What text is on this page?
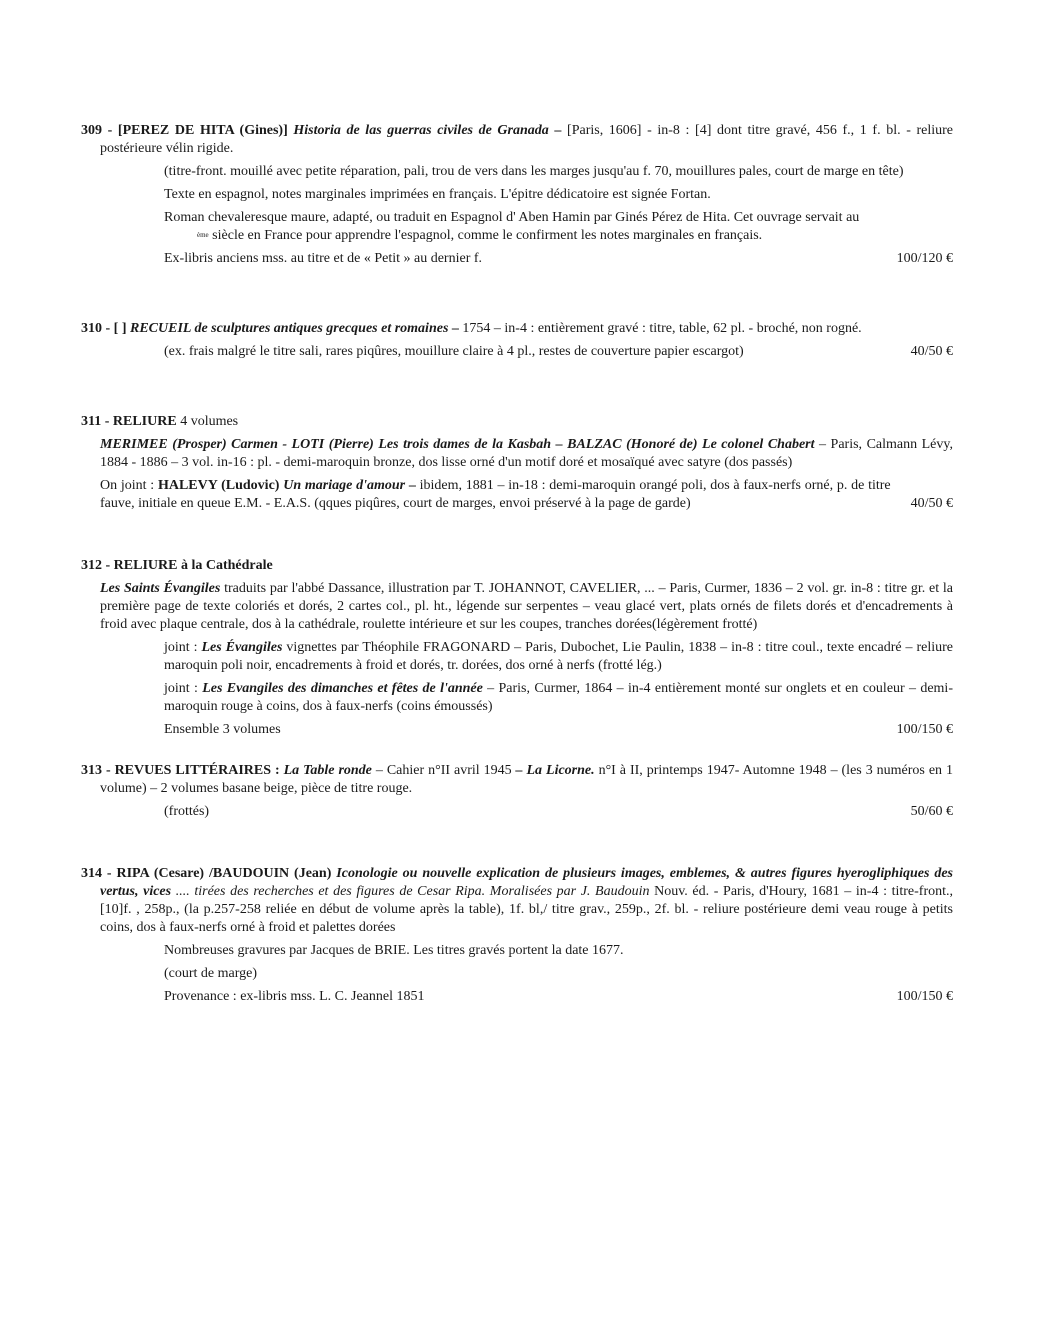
309 - [PEREZ DE HITA (Gines)] Historia de las guerras civiles de Granada – [Paris, 1606] - in-8 : [4] dont titre gravé, 456 f., 1 f. bl. - reliure postérieure vélin rigide.

(titre-front. mouillé avec petite réparation, pali, trou de vers dans les marges jusqu'au f. 70, mouillures pales, court de marge en tête)

Texte en espagnol, notes marginales imprimées en français. L'épitre dédicatoire est signée Fortan.

Roman chevaleresque maure, adapté, ou traduit en Espagnol d' Aben Hamin par Ginés Pérez de Hita. Cet ouvrage servait au
$^{ème}$ siècle en France pour apprendre l'espagnol, comme le confirment les notes marginales en français.

Ex-libris anciens mss. au titre et de « Petit » au dernier f.	100/120 €

310 - [ ] RECUEIL de sculptures antiques grecques et romaines – 1754 – in-4 : entièrement gravé : titre, table, 62 pl. - broché, non rogné.

(ex. frais malgré le titre sali, rares piqûres, mouillure claire à 4 pl., restes de couverture papier escargot)	40/50 €

311 - RELIURE 4 volumes

MERIMEE (Prosper) Carmen - LOTI (Pierre) Les trois dames de la Kasbah – BALZAC (Honoré de) Le colonel Chabert – Paris, Calmann Lévy, 1884 - 1886 – 3 vol. in-16 : pl. - demi-maroquin bronze, dos lisse orné d'un motif doré et mosaïqué avec satyre (dos passés)

On joint : HALEVY (Ludovic) Un mariage d'amour – ibidem, 1881 – in-18 : demi-maroquin orangé poli, dos à faux-nerfs orné, p. de titre fauve, initiale en queue E.M. - E.A.S. (qques piqûres, court de marges, envoi préservé à la page de garde)	40/50 €

312 - RELIURE à la Cathédrale

Les Saints Évangiles traduits par l'abbé Dassance, illustration par T. JOHANNOT, CAVELIER, ... – Paris, Curmer, 1836 – 2 vol. gr. in-8 : titre gr. et la première page de texte coloriés et dorés, 2 cartes col., pl. ht., légende sur serpentes – veau glacé vert, plats ornés de filets dorés et d'encadrements à froid avec plaque centrale, dos à la cathédrale, roulette intérieure et sur les coupes, tranches dorées(légèrement frotté)

joint : Les Évangiles vignettes par Théophile FRAGONARD – Paris, Dubochet, Lie Paulin, 1838 – in-8 : titre coul., texte encadré – reliure maroquin poli noir, encadrements à froid et dorés, tr. dorées, dos orné à nerfs (frotté lég.)

joint : Les Evangiles des dimanches et fêtes de l'année – Paris, Curmer, 1864 – in-4 entièrement monté sur onglets et en couleur – demi-maroquin rouge à coins, dos à faux-nerfs (coins émoussés)

Ensemble 3 volumes	100/150 €

313 - REVUES LITTÉRAIRES : La Table ronde – Cahier n°II avril 1945 – La Licorne. n°I à II, printemps 1947- Automne 1948 – (les 3 numéros en 1 volume) – 2 volumes basane beige, pièce de titre rouge.

(frottés)	50/60 €

314 - RIPA (Cesare) /BAUDOUIN (Jean) Iconologie ou nouvelle explication de plusieurs images, emblemes, & autres figures hyerogliphiques des vertus, vices .... tirées des recherches et des figures de Cesar Ripa. Moralisées par J. Baudouin Nouv. éd. - Paris, d'Houry, 1681 – in-4 : titre-front., [10]f. , 258p., (la p.257-258 reliée en début de volume après la table), 1f. bl,/ titre grav., 259p., 2f. bl. - reliure postérieure demi veau rouge à petits coins, dos à faux-nerfs orné à froid et palettes dorées

Nombreuses gravures par Jacques de BRIE. Les titres gravés portent la date 1677.

(court de marge)

Provenance : ex-libris mss. L. C. Jeannel 1851	100/150 €
